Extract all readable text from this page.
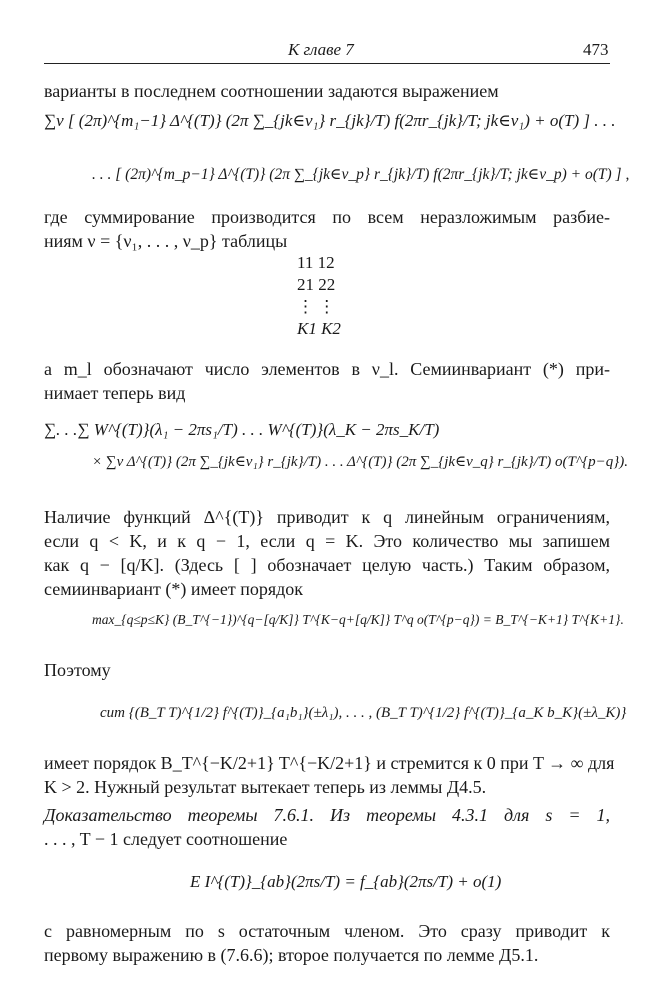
К главе 7	473
варианты в последнем соотношении задаются выражением
∑ν [ (2π)^{m₁−1} Δ^{(T)} (2π ∑_{jk∈ν₁} r_{jk}/T) f(2πr_{jk}/T; jk∈ν₁) + o(T) ] . . .
. . . [ (2π)^{m_p−1} Δ^{(T)} (2π ∑_{jk∈ν_p} r_{jk}/T) f(2πr_{jk}/T; jk∈ν_p) + o(T) ] ,
где суммирование производится по всем неразложимым разбие-
ниям ν = {ν₁, . . . , ν_p} таблицы
11 12
21 22
⋮ ⋮
K1 K2
а m_l обозначают число элементов в ν_l. Семиинвариант (*) при-
нимает теперь вид
∑. . .∑ W^{(T)}(λ₁ − 2πs₁/T) . . . W^{(T)}(λ_K − 2πs_K/T)
× ∑ν Δ^{(T)} (2π ∑_{jk∈ν₁} r_{jk}/T) . . . Δ^{(T)} (2π ∑_{jk∈ν_q} r_{jk}/T) o(T^{p−q}).
Наличие функций Δ^{(T)} приводит к q линейным ограничениям,
если q < K, и к q − 1, если q = K. Это количество мы запишем
как q − [q/K]. (Здесь [ ] обозначает целую часть.) Таким образом,
семиинвариант (*) имеет порядок
max_{q≤p≤K} (B_T^{−1})^{q−[q/K]} T^{K−q+[q/K]} T^q o(T^{p−q}) = B_T^{−K+1} T^{K+1}.
Поэтому
cum {(B_T T)^{1/2} f^{(T)}_{a₁b₁}(±λ₁), . . . , (B_T T)^{1/2} f^{(T)}_{a_K b_K}(±λ_K)}
имеет порядок B_T^{−K/2+1} T^{−K/2+1} и стремится к 0 при T → ∞ для
K > 2. Нужный результат вытекает теперь из леммы Д4.5.
Доказательство теоремы 7.6.1. Из теоремы 4.3.1 для s = 1,
. . . , T − 1 следует соотношение
E I^{(T)}_{ab}(2πs/T) = f_{ab}(2πs/T) + o(1)
с равномерным по s остаточным членом. Это сразу приводит к
первому выражению в (7.6.6); второе получается по лемме Д5.1.
